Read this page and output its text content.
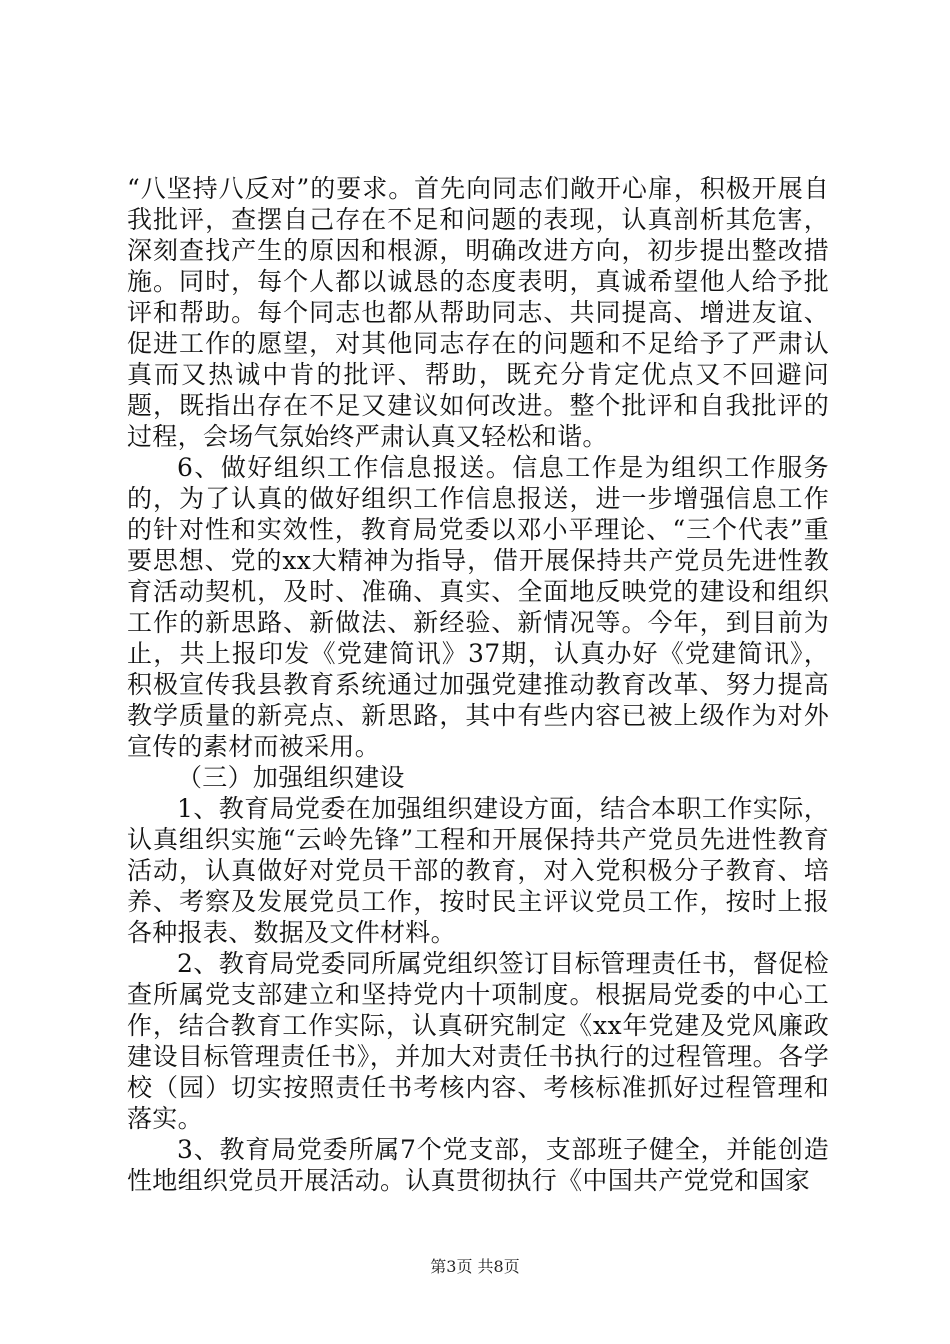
“八坚持八反对”的要求。首先向同志们敞开心扉，积极开展自我批评，查摆自己存在不足和问题的表现，认真剖析其危害，深刻查找产生的原因和根源，明确改进方向，初步提出整改措施。同时，每个人都以诚恳的态度表明，真诚希望他人给予批评和帮助。每个同志也都从帮助同志、共同提高、增进友谊、促进工作的愿望，对其他同志存在的问题和不足给予了严肃认真而又热诚中肯的批评、帮助，既充分肯定优点又不回避问题，既指出存在不足又建议如何改进。整个批评和自我批评的过程，会场气氛始终严肃认真又轻松和谐。

6、做好组织工作信息报送。信息工作是为组织工作服务的，为了认真的做好组织工作信息报送，进一步增强信息工作的针对性和实效性，教育局党委以邓小平理论、“三个代表”重要思想、党的xx大精神为指导，借开展保持共产党员先进性教育活动契机，及时、准确、真实、全面地反映党的建设和组织工作的新思路、新做法、新经验、新情况等。今年，到目前为止，共上报印发《党建简讯》37期，认真办好《党建简讯》，积极宣传我县教育系统通过加强党建推动教育改革、努力提高教学质量的新亮点、新思路，其中有些内容已被上级作为对外宣传的素材而被采用。

（三）加强组织建设

1、教育局党委在加强组织建设方面，结合本职工作实际，认真组织实施“云岭先锋”工程和开展保持共产党员先进性教育活动，认真做好对党员干部的教育，对入党积极分子教育、培养、考察及发展党员工作，按时民主评议党员工作，按时上报各种报表、数据及文件材料。

2、教育局党委同所属党组织签订目标管理责任书，督促检查所属党支部建立和坚持党内十项制度。根据局党委的中心工作，结合教育工作实际，认真研究制定《xx年党建及党风廉政建设目标管理责任书》，并加大对责任书执行的过程管理。各学校（园）切实按照责任书考核内容、考核标准抓好过程管理和落实。

3、教育局党委所属7个党支部，支部班子健全，并能创造性地组织党员开展活动。认真贯彻执行《中国共产党党和国家

第3页 共8页
